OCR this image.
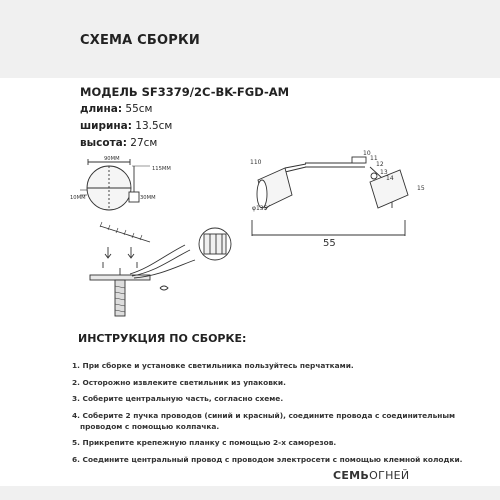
СХЕМА СБОРКИ
МОДЕЛЬ SF3379/2C-BK-FGD-AM
длина: 55см
ширина: 13.5см
высота: 27см
90MM
115MM
10MM	30MM
φ135
110
10
11
12
13
14
15
55
ИНСТРУКЦИЯ ПО СБОРКЕ:
1. При сборке и установке светильника пользуйтесь перчатками.
2. Осторожно извлеките светильник из упаковки.
3. Соберите центральную часть, согласно схеме.
4. Соберите 2 пучка проводов (синий и красный), соедините провода с соединительным
проводом с помощью колпачка.
5. Прикрепите крепежную планку с помощью 2-х саморезов.
6. Соедините центральный провод с проводом электросети с помощью клемной колодки.
СЕМЬОГНЕЙ
